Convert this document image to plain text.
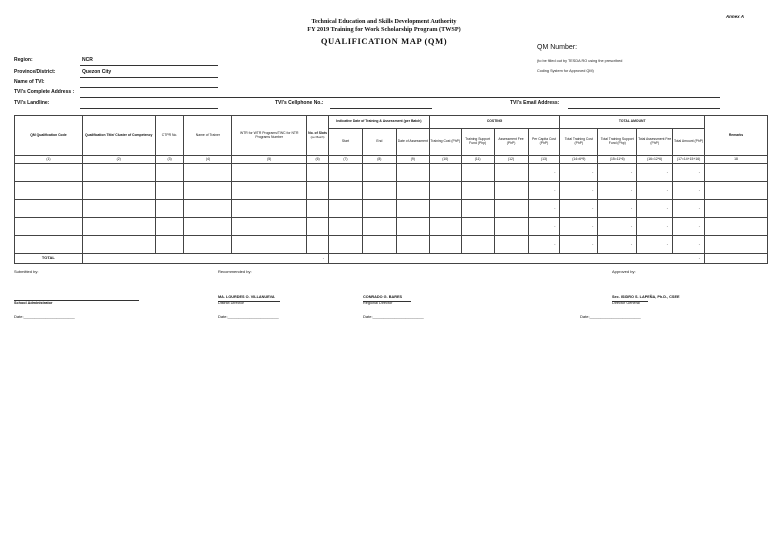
Annex A
Technical Education and Skills Development Authority
FY 2019 Training for Work Scholarship Program (TWSP)
QUALIFICATION MAP (QM)
QM Number:
(to be filled out by TESDA RO using the prescribed
Coding System for Approved QM)
Region:	NCR
Province/District:	Quezon City
Name of TVI:
TVI's Complete Address :
TVI's Landline:	TVI's Cellphone No.:	TVI's Email Address:
QM Qualification Code	Qualification Title/ Cluster of Competency	CTPR No.	Name of Trainer	WTR for WTR Programs/TWC for NTR Programs Number	No. of Slots
(per Batch)	Indicative Date of Training & Assessment (per Batch)			COSTING				TOTAL AMOUNT				Remarks
						Start	End	Date of Assessment	Training Cost (PhP)	Training Support Fund (Php)	Assessment Fee (PhP)	Per Capita Cost (PhP)	Total Training Cost (PhP)	Total Training Support Fund (Php)	Total Assessment Fee (PhP)	Total Amount (PhP)	
(1)	(2)	(3)	(4)	(5)	(6)	(7)	(8)	(9)	(10)	(11)	(12)	(13)	(14=6*9)	(15=11*6)	(16=12*6)	(17=14+15+16)	18
												-	-	-	-	-	
												-	-	-	-	-	
												-	-	-	-	-	
												-	-	-	-	-	
												-	-	-	-	-	
TOTAL	-					-											
Submitted by:	Recommended by:	Approved by:
School Administrator
MA. LOURDES O. VILLANUEVA
District Director
CONRADO G. BARES
Regional Director
Sec. ISIDRO S. LAPEÑA, Ph.D., CSEE
Director General
Date:_______________________	Date:_______________________	Date:_______________________	Date:_______________________
